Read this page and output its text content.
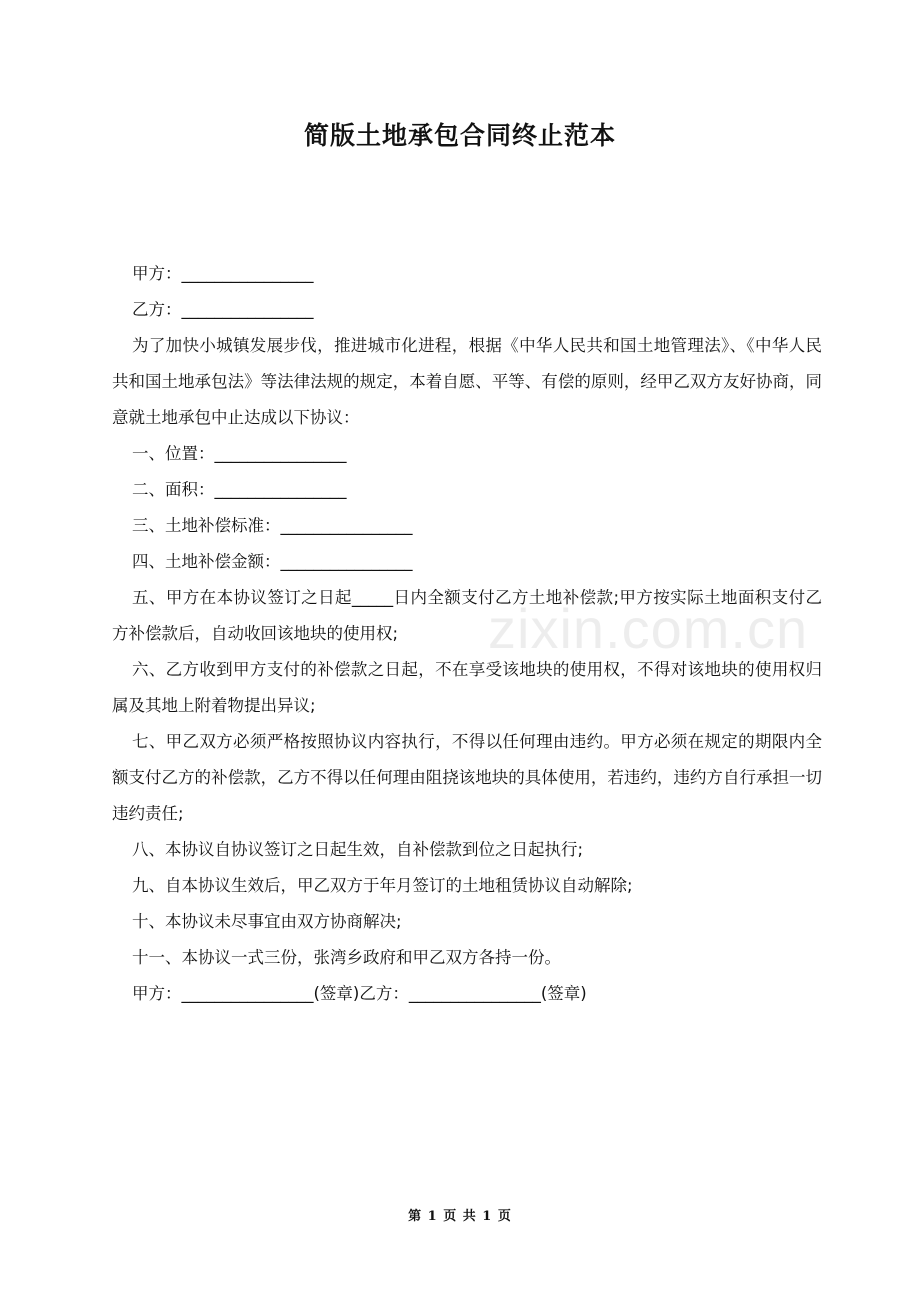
简版土地承包合同终止范本

甲方：________________

乙方：________________

为了加快小城镇发展步伐，推进城市化进程，根据《中华人民共和国土地管理法》、《中华人民共和国土地承包法》等法律法规的规定，本着自愿、平等、有偿的原则，经甲乙双方友好协商，同意就土地承包中止达成以下协议：

一、位置：________________

二、面积：________________

三、土地补偿标准：________________

四、土地补偿金额：________________

五、甲方在本协议签订之日起_____日内全额支付乙方土地补偿款;甲方按实际土地面积支付乙方补偿款后，自动收回该地块的使用权;

六、乙方收到甲方支付的补偿款之日起，不在享受该地块的使用权，不得对该地块的使用权归属及其地上附着物提出异议;

七、甲乙双方必须严格按照协议内容执行，不得以任何理由违约。甲方必须在规定的期限内全额支付乙方的补偿款，乙方不得以任何理由阻挠该地块的具体使用，若违约，违约方自行承担一切违约责任;

八、本协议自协议签订之日起生效，自补偿款到位之日起执行;

九、自本协议生效后，甲乙双方于年月签订的土地租赁协议自动解除;

十、本协议未尽事宜由双方协商解决;

十一、本协议一式三份，张湾乡政府和甲乙双方各持一份。

甲方：________________(签章)乙方：________________(签章)

zixin.com.cn
第 1 页 共 1 页
